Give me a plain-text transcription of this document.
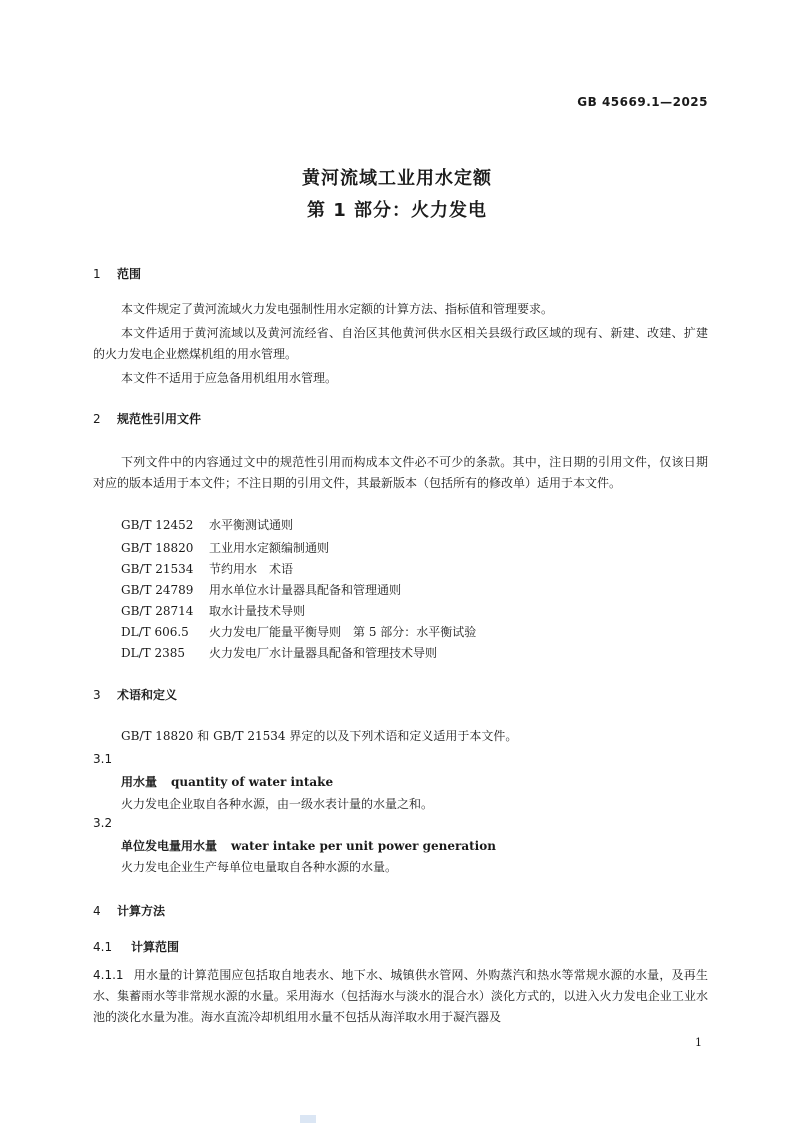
GB 45669.1—2025
黄河流域工业用水定额
第 1 部分：火力发电
1 范围
本文件规定了黄河流域火力发电强制性用水定额的计算方法、指标值和管理要求。
本文件适用于黄河流域以及黄河流经省、自治区其他黄河供水区相关县级行政区域的现有、新建、改建、扩建的火力发电企业燃煤机组的用水管理。
本文件不适用于应急备用机组用水管理。
2 规范性引用文件
下列文件中的内容通过文中的规范性引用而构成本文件必不可少的条款。其中，注日期的引用文件，仅该日期对应的版本适用于本文件；不注日期的引用文件，其最新版本（包括所有的修改单）适用于本文件。
GB/T 12452 水平衡测试通则
GB/T 18820 工业用水定额编制通则
GB/T 21534 节约用水　术语
GB/T 24789 用水单位水计量器具配备和管理通则
GB/T 28714 取水计量技术导则
DL/T 606.5 火力发电厂能量平衡导则　第 5 部分：水平衡试验
DL/T 2385 火力发电厂水计量器具配备和管理技术导则
3 术语和定义
GB/T 18820 和 GB/T 21534 界定的以及下列术语和定义适用于本文件。
3.1
用水量 quantity of water intake
火力发电企业取自各种水源，由一级水表计量的水量之和。
3.2
单位发电量用水量 water intake per unit power generation
火力发电企业生产每单位电量取自各种水源的水量。
4 计算方法
4.1 计算范围
4.1.1 用水量的计算范围应包括取自地表水、地下水、城镇供水管网、外购蒸汽和热水等常规水源的水量，及再生水、集蓄雨水等非常规水源的水量。采用海水（包括海水与淡水的混合水）淡化方式的，以进入火力发电企业工业水池的淡化水量为准。海水直流冷却机组用水量不包括从海洋取水用于凝汽器及
1
